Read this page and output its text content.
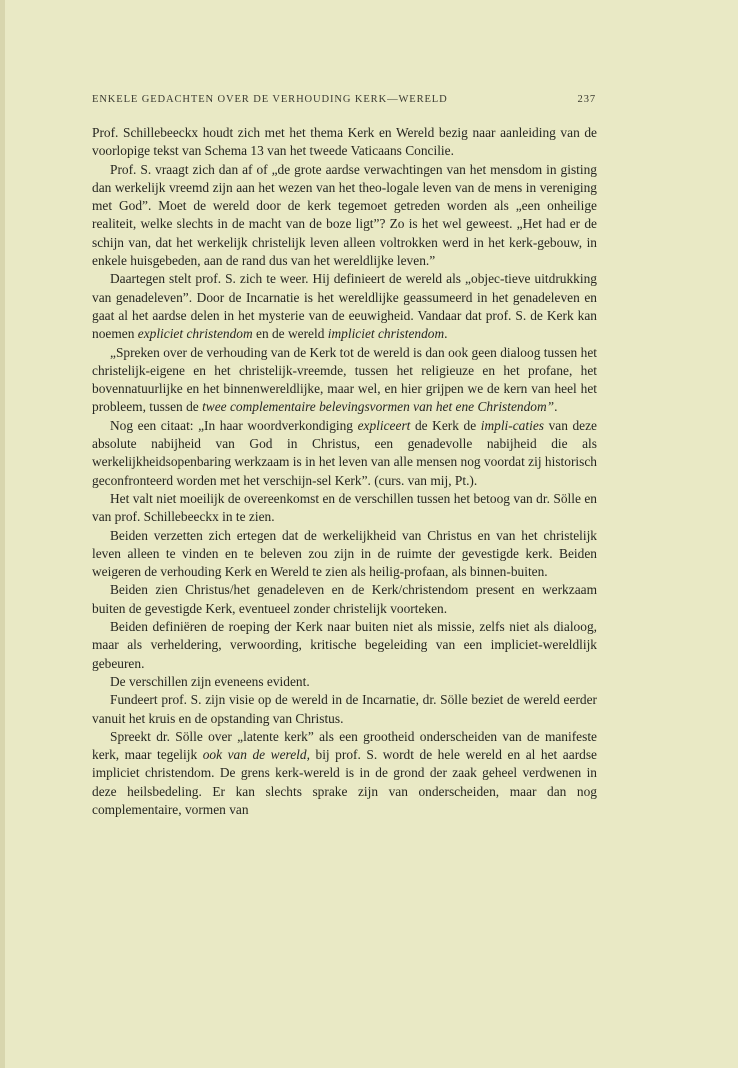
ENKELE GEDACHTEN OVER DE VERHOUDING KERK—WERELD	237

Prof. Schillebeeckx houdt zich met het thema Kerk en Wereld bezig naar aanleiding van de voorlopige tekst van Schema 13 van het tweede Vaticaans Concilie.

Prof. S. vraagt zich dan af of „de grote aardse verwachtingen van het mensdom in gisting dan werkelijk vreemd zijn aan het wezen van het theo-logale leven van de mens in vereniging met God”. Moet de wereld door de kerk tegemoet getreden worden als „een onheilige realiteit, welke slechts in de macht van de boze ligt”? Zo is het wel geweest. „Het had er de schijn van, dat het werkelijk christelijk leven alleen voltrokken werd in het kerk-gebouw, in enkele huisgebeden, aan de rand dus van het wereldlijke leven.”

Daartegen stelt prof. S. zich te weer. Hij definieert de wereld als „objec-tieve uitdrukking van genadeleven”. Door de Incarnatie is het wereldlijke geassumeerd in het genadeleven en gaat al het aardse delen in het mysterie van de eeuwigheid. Vandaar dat prof. S. de Kerk kan noemen expliciet christendom en de wereld impliciet christendom.

„Spreken over de verhouding van de Kerk tot de wereld is dan ook geen dialoog tussen het christelijk-eigene en het christelijk-vreemde, tussen het religieuze en het profane, het bovennatuurlijke en het binnenwereldlijke, maar wel, en hier grijpen we de kern van heel het probleem, tussen de twee complementaire belevingsvormen van het ene Christendom”.

Nog een citaat: „In haar woordverkondiging expliceert de Kerk de impli-caties van deze absolute nabijheid van God in Christus, een genadevolle nabijheid die als werkelijkheidsopenbaring werkzaam is in het leven van alle mensen nog voordat zij historisch geconfronteerd worden met het verschijn-sel Kerk”. (curs. van mij, Pt.).

Het valt niet moeilijk de overeenkomst en de verschillen tussen het betoog van dr. Sölle en van prof. Schillebeeckx in te zien.

Beiden verzetten zich ertegen dat de werkelijkheid van Christus en van het christelijk leven alleen te vinden en te beleven zou zijn in de ruimte der gevestigde kerk. Beiden weigeren de verhouding Kerk en Wereld te zien als heilig-profaan, als binnen-buiten.

Beiden zien Christus/het genadeleven en de Kerk/christendom present en werkzaam buiten de gevestigde Kerk, eventueel zonder christelijk voorteken.

Beiden definiëren de roeping der Kerk naar buiten niet als missie, zelfs niet als dialoog, maar als verheldering, verwoording, kritische begeleiding van een impliciet-wereldlijk gebeuren.

De verschillen zijn eveneens evident.

Fundeert prof. S. zijn visie op de wereld in de Incarnatie, dr. Sölle beziet de wereld eerder vanuit het kruis en de opstanding van Christus.

Spreekt dr. Sölle over „latente kerk” als een grootheid onderscheiden van de manifeste kerk, maar tegelijk ook van de wereld, bij prof. S. wordt de hele wereld en al het aardse impliciet christendom. De grens kerk-wereld is in de grond der zaak geheel verdwenen in deze heilsbedeling. Er kan slechts sprake zijn van onderscheiden, maar dan nog complementaire, vormen van
